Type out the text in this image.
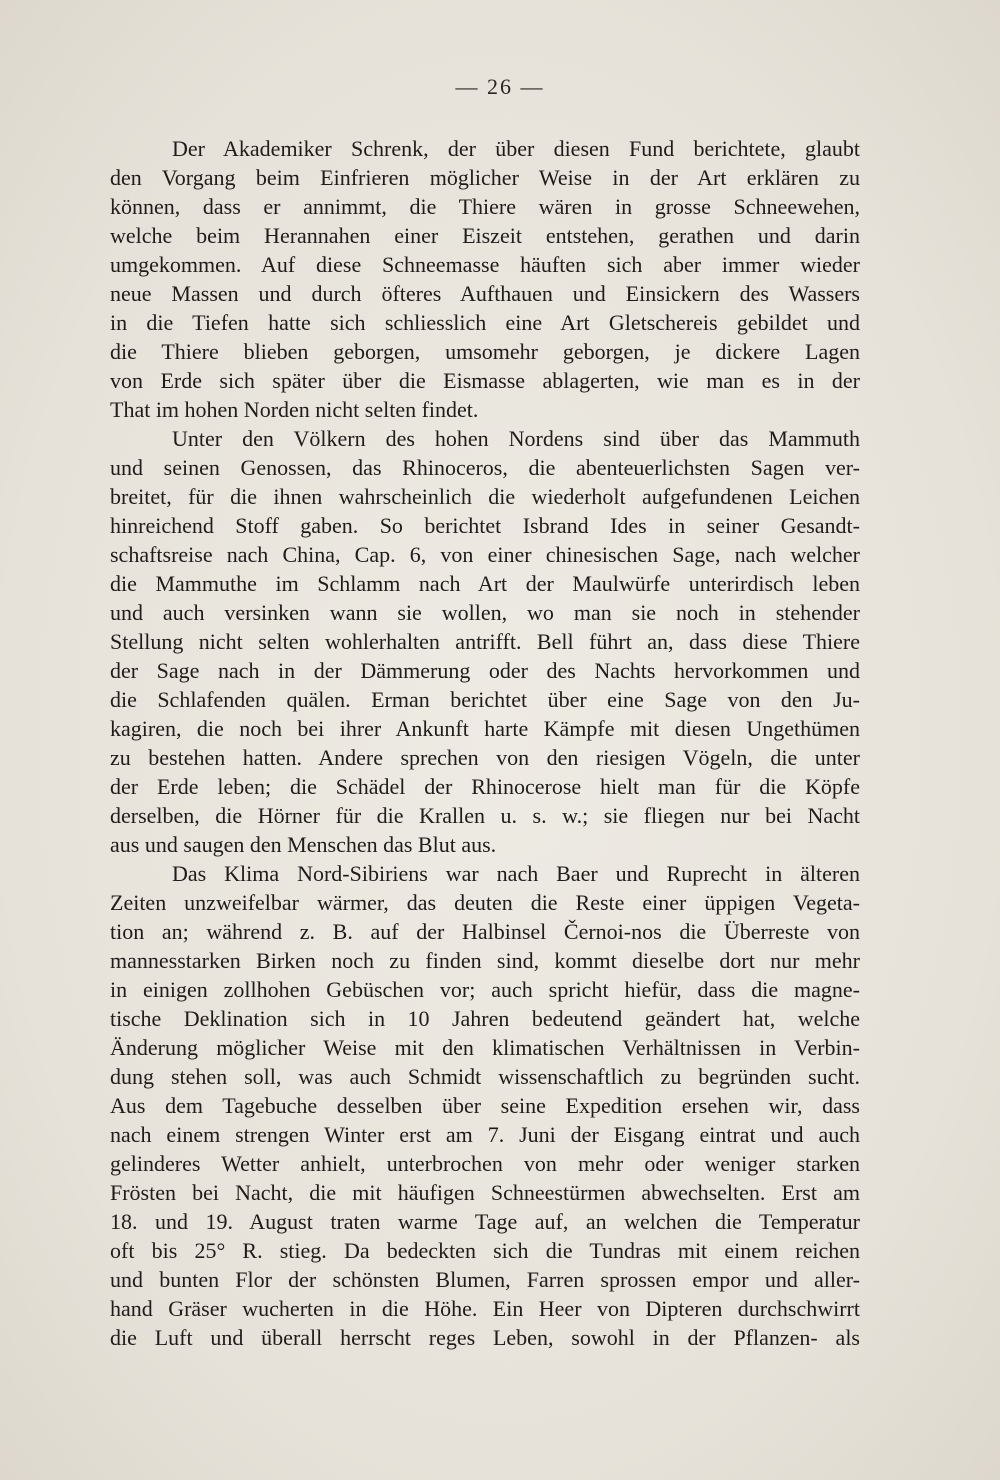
— 26 —
Der Akademiker Schrenk, der über diesen Fund berichtete, glaubt
den Vorgang beim Einfrieren möglicher Weise in der Art erklären zu
können, dass er annimmt, die Thiere wären in grosse Schneewehen,
welche beim Herannahen einer Eiszeit entstehen, gerathen und darin
umgekommen. Auf diese Schneemasse häuften sich aber immer wieder
neue Massen und durch öfteres Aufthauen und Einsickern des Wassers
in die Tiefen hatte sich schliesslich eine Art Gletschereis gebildet und
die Thiere blieben geborgen, umsomehr geborgen, je dickere Lagen
von Erde sich später über die Eismasse ablagerten, wie man es in der
That im hohen Norden nicht selten findet.
Unter den Völkern des hohen Nordens sind über das Mammuth
und seinen Genossen, das Rhinoceros, die abenteuerlichsten Sagen ver-
breitet, für die ihnen wahrscheinlich die wiederholt aufgefundenen Leichen
hinreichend Stoff gaben. So berichtet Isbrand Ides in seiner Gesandt-
schaftsreise nach China, Cap. 6, von einer chinesischen Sage, nach welcher
die Mammuthe im Schlamm nach Art der Maulwürfe unterirdisch leben
und auch versinken wann sie wollen, wo man sie noch in stehender
Stellung nicht selten wohlerhalten antrifft. Bell führt an, dass diese Thiere
der Sage nach in der Dämmerung oder des Nachts hervorkommen und
die Schlafenden quälen. Erman berichtet über eine Sage von den Ju-
kagiren, die noch bei ihrer Ankunft harte Kämpfe mit diesen Ungethümen
zu bestehen hatten. Andere sprechen von den riesigen Vögeln, die unter
der Erde leben; die Schädel der Rhinocerose hielt man für die Köpfe
derselben, die Hörner für die Krallen u. s. w.; sie fliegen nur bei Nacht
aus und saugen den Menschen das Blut aus.
Das Klima Nord-Sibiriens war nach Baer und Ruprecht in älteren
Zeiten unzweifelbar wärmer, das deuten die Reste einer üppigen Vegeta-
tion an; während z. B. auf der Halbinsel Černoi-nos die Überreste von
mannesstarken Birken noch zu finden sind, kommt dieselbe dort nur mehr
in einigen zollhohen Gebüschen vor; auch spricht hiefür, dass die magne-
tische Deklination sich in 10 Jahren bedeutend geändert hat, welche
Änderung möglicher Weise mit den klimatischen Verhältnissen in Verbin-
dung stehen soll, was auch Schmidt wissenschaftlich zu begründen sucht.
Aus dem Tagebuche desselben über seine Expedition ersehen wir, dass
nach einem strengen Winter erst am 7. Juni der Eisgang eintrat und auch
gelinderes Wetter anhielt, unterbrochen von mehr oder weniger starken
Frösten bei Nacht, die mit häufigen Schneestürmen abwechselten. Erst am
18. und 19. August traten warme Tage auf, an welchen die Temperatur
oft bis 25° R. stieg. Da bedeckten sich die Tundras mit einem reichen
und bunten Flor der schönsten Blumen, Farren sprossen empor und aller-
hand Gräser wucherten in die Höhe. Ein Heer von Dipteren durchschwirrt
die Luft und überall herrscht reges Leben, sowohl in der Pflanzen- als
